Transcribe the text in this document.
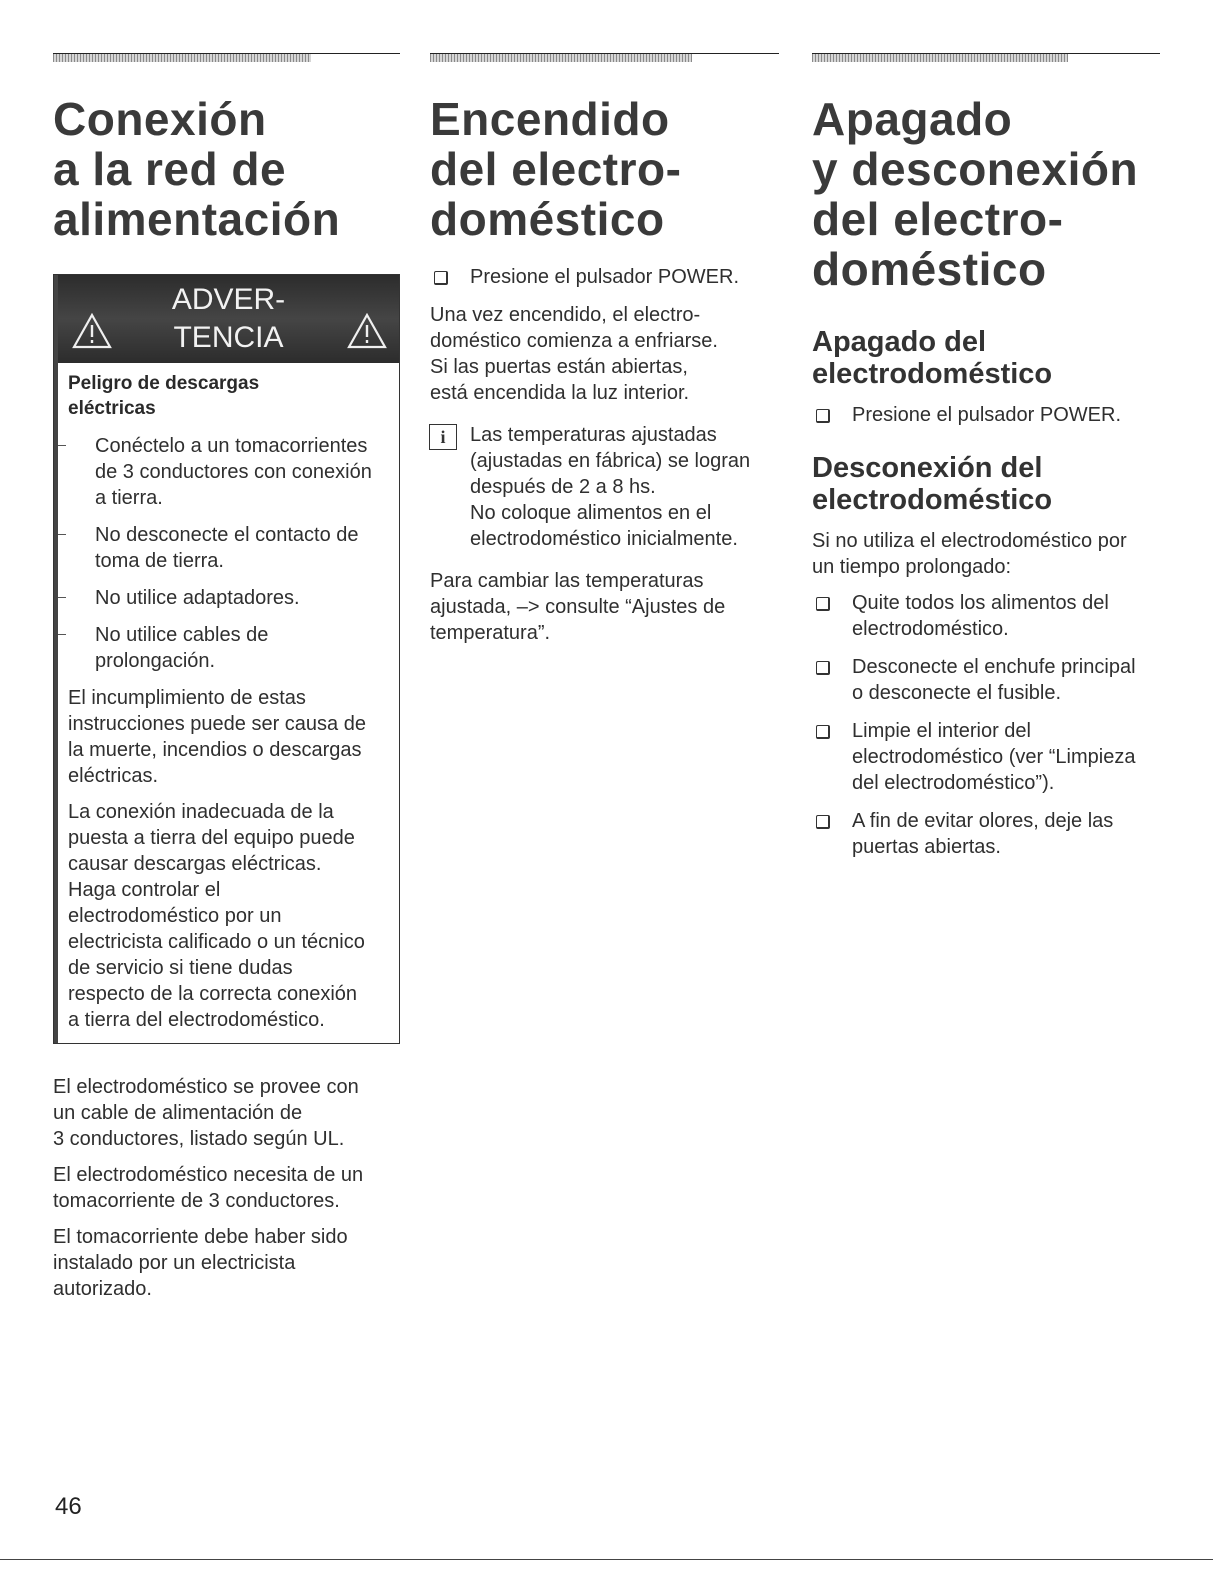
Conexión
a la red de
alimentación
ADVER-
TENCIA
Peligro de descargas
eléctricas
Conéctelo a un tomacorrientes
de 3 conductores con conexión
a tierra.
No desconecte el contacto de
toma de tierra.
No utilice adaptadores.
No utilice cables de
prolongación.

El incumplimiento de estas
instrucciones puede ser causa de
la muerte, incendios o descargas
eléctricas.

La conexión inadecuada de la
puesta a tierra del equipo puede
causar descargas eléctricas.
Haga controlar el
electrodoméstico por un
electricista calificado o un técnico
de servicio si tiene dudas
respecto de la correcta conexión
a tierra del electrodoméstico.

El electrodoméstico se provee con
un cable de alimentación de
3 conductores, listado según UL.

El electrodoméstico necesita de un
tomacorriente de 3 conductores.

El tomacorriente debe haber sido
instalado por un electricista
autorizado.

Encendido
del electro-
doméstico
Presione el pulsador POWER.

Una vez encendido, el electro-
doméstico comienza a enfriarse.
Si las puertas están abiertas,
está encendida la luz interior.

i	Las temperaturas ajustadas
(ajustadas en fábrica) se logran
después de 2 a 8 hs.
No coloque alimentos en el
electrodoméstico inicialmente.

Para cambiar las temperaturas
ajustada, –> consulte “Ajustes de
temperatura”.

Apagado
y desconexión
del electro-
doméstico
Apagado del
electrodoméstico
Presione el pulsador POWER.
Desconexión del
electrodoméstico

Si no utiliza el electrodoméstico por
un tiempo prolongado:

Quite todos los alimentos del
electrodoméstico.
Desconecte el enchufe principal
o desconecte el fusible.
Limpie el interior del
electrodoméstico (ver “Limpieza
del electrodoméstico”).
A fin de evitar olores, deje las
puertas abiertas.
46
